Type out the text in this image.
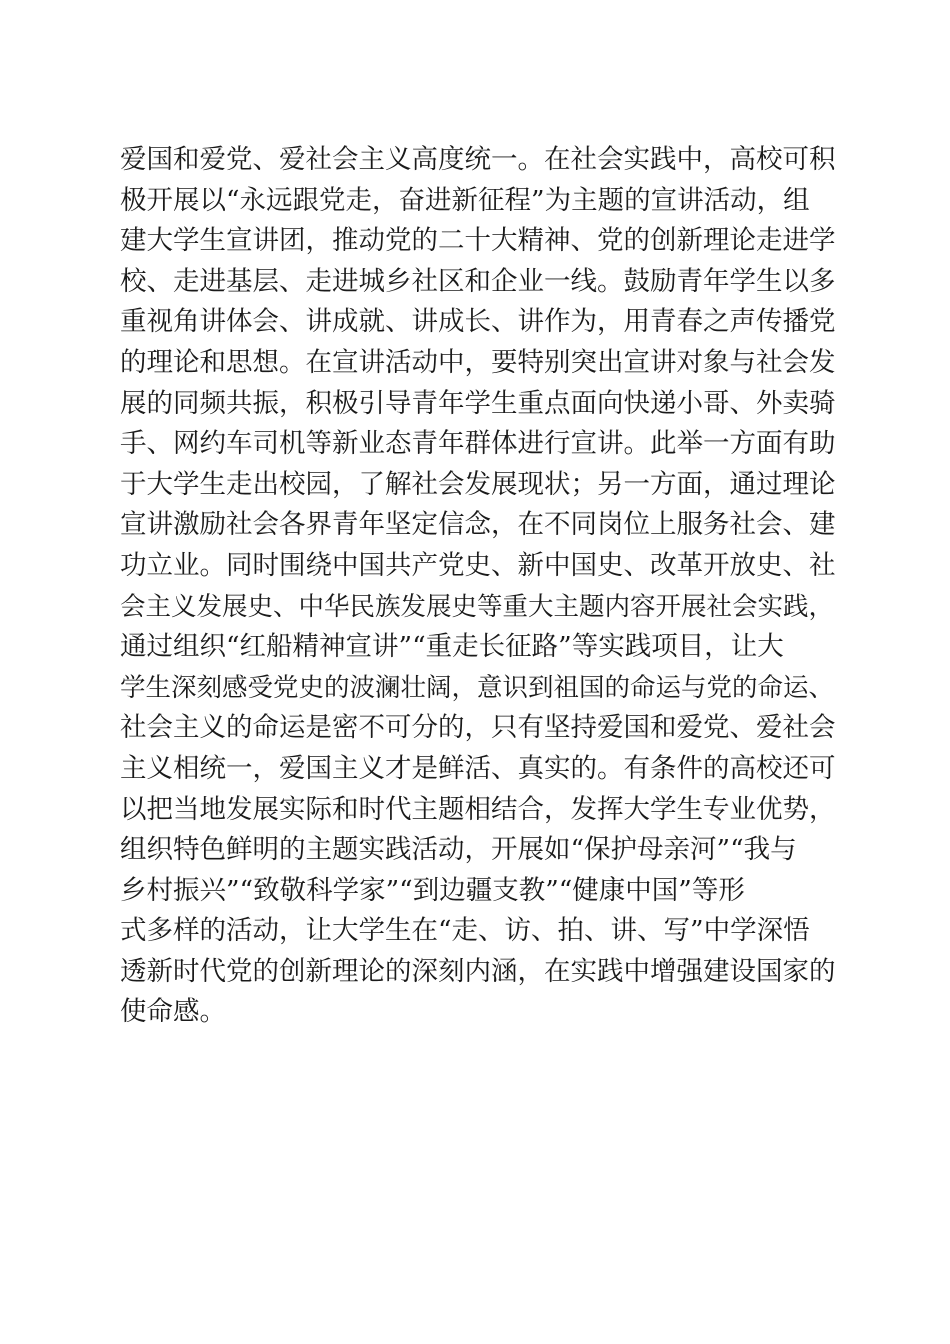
爱国和爱党、爱社会主义高度统一。在社会实践中，高校可积
极开展以“永远跟党走，奋进新征程”为主题的宣讲活动，组
建大学生宣讲团，推动党的二十大精神、党的创新理论走进学
校、走进基层、走进城乡社区和企业一线。鼓励青年学生以多
重视角讲体会、讲成就、讲成长、讲作为，用青春之声传播党
的理论和思想。在宣讲活动中，要特别突出宣讲对象与社会发
展的同频共振，积极引导青年学生重点面向快递小哥、外卖骑
手、网约车司机等新业态青年群体进行宣讲。此举一方面有助
于大学生走出校园，了解社会发展现状；另一方面，通过理论
宣讲激励社会各界青年坚定信念，在不同岗位上服务社会、建
功立业。同时围绕中国共产党史、新中国史、改革开放史、社
会主义发展史、中华民族发展史等重大主题内容开展社会实践，
通过组织“红船精神宣讲”“重走长征路”等实践项目，让大
学生深刻感受党史的波澜壮阔，意识到祖国的命运与党的命运、
社会主义的命运是密不可分的，只有坚持爱国和爱党、爱社会
主义相统一，爱国主义才是鲜活、真实的。有条件的高校还可
以把当地发展实际和时代主题相结合，发挥大学生专业优势，
组织特色鲜明的主题实践活动，开展如“保护母亲河”“我与
乡村振兴”“致敬科学家”“到边疆支教”“健康中国”等形
式多样的活动，让大学生在“走、访、拍、讲、写”中学深悟
透新时代党的创新理论的深刻内涵，在实践中增强建设国家的
使命感。
